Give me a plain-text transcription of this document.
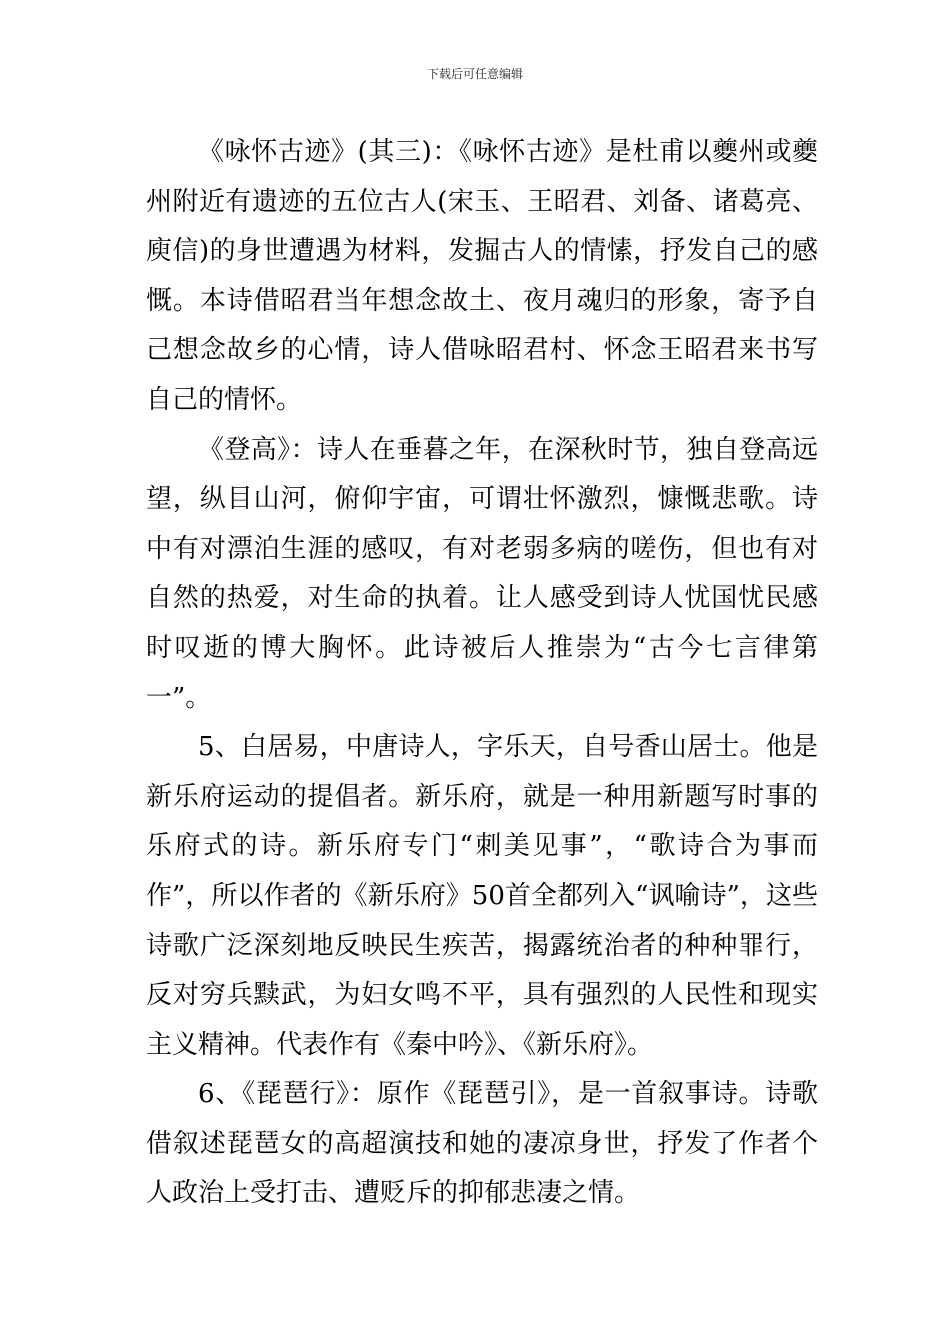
下载后可任意编辑

《咏怀古迹》(其三)：《咏怀古迹》是杜甫以夔州或夔州附近有遗迹的五位古人(宋玉、王昭君、刘备、诸葛亮、庾信)的身世遭遇为材料，发掘古人的情愫，抒发自己的感慨。本诗借昭君当年想念故土、夜月魂归的形象，寄予自己想念故乡的心情，诗人借咏昭君村、怀念王昭君来书写自己的情怀。

《登高》：诗人在垂暮之年，在深秋时节，独自登高远望，纵目山河，俯仰宇宙，可谓壮怀激烈，慷慨悲歌。诗中有对漂泊生涯的感叹，有对老弱多病的嗟伤，但也有对自然的热爱，对生命的执着。让人感受到诗人忧国忧民感时叹逝的博大胸怀。此诗被后人推崇为“古今七言律第一”。

5、白居易，中唐诗人，字乐天，自号香山居士。他是新乐府运动的提倡者。新乐府，就是一种用新题写时事的乐府式的诗。新乐府专门“刺美见事”，“歌诗合为事而作”，所以作者的《新乐府》50首全都列入“讽喻诗”，这些诗歌广泛深刻地反映民生疾苦，揭露统治者的种种罪行，反对穷兵黩武，为妇女鸣不平，具有强烈的人民性和现实主义精神。代表作有《秦中吟》、《新乐府》。

6、《琵琶行》：原作《琵琶引》，是一首叙事诗。诗歌借叙述琵琶女的高超演技和她的凄凉身世，抒发了作者个人政治上受打击、遭贬斥的抑郁悲凄之情。
